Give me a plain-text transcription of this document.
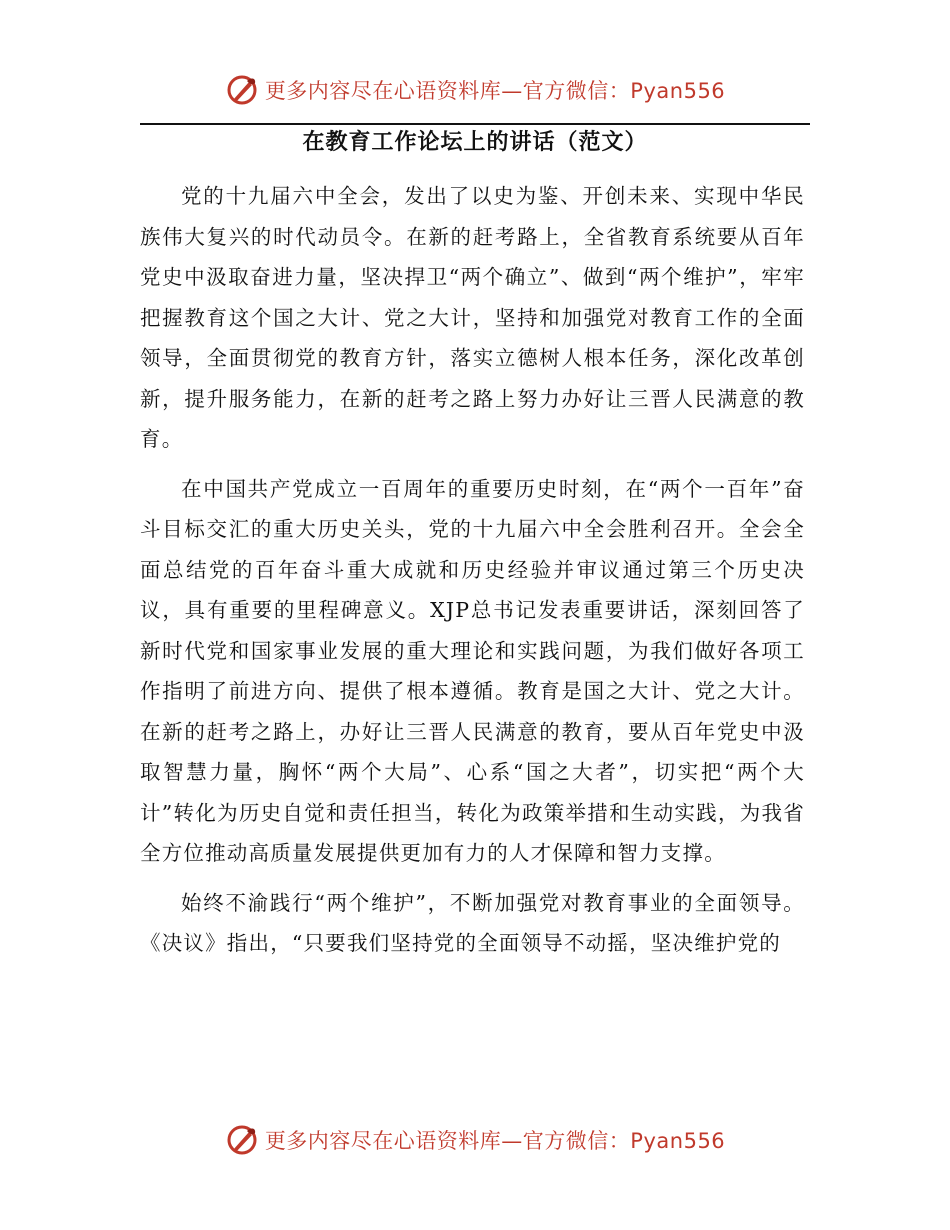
更多内容尽在心语资料库—官方微信：Pyan556
在教育工作论坛上的讲话（范文）

党的十九届六中全会，发出了以史为鉴、开创未来、实现中华民族伟大复兴的时代动员令。在新的赶考路上，全省教育系统要从百年党史中汲取奋进力量，坚决捍卫“两个确立”、做到“两个维护”，牢牢把握教育这个国之大计、党之大计，坚持和加强党对教育工作的全面领导，全面贯彻党的教育方针，落实立德树人根本任务，深化改革创新，提升服务能力，在新的赶考之路上努力办好让三晋人民满意的教育。

在中国共产党成立一百周年的重要历史时刻，在“两个一百年”奋斗目标交汇的重大历史关头，党的十九届六中全会胜利召开。全会全面总结党的百年奋斗重大成就和历史经验并审议通过第三个历史决议，具有重要的里程碑意义。XJP总书记发表重要讲话，深刻回答了新时代党和国家事业发展的重大理论和实践问题，为我们做好各项工作指明了前进方向、提供了根本遵循。教育是国之大计、党之大计。在新的赶考之路上，办好让三晋人民满意的教育，要从百年党史中汲取智慧力量，胸怀“两个大局”、心系“国之大者”，切实把“两个大计”转化为历史自觉和责任担当，转化为政策举措和生动实践，为我省全方位推动高质量发展提供更加有力的人才保障和智力支撑。

始终不渝践行“两个维护”，不断加强党对教育事业的全面领导。《决议》指出，“只要我们坚持党的全面领导不动摇，坚决维护党的

更多内容尽在心语资料库—官方微信：Pyan556
